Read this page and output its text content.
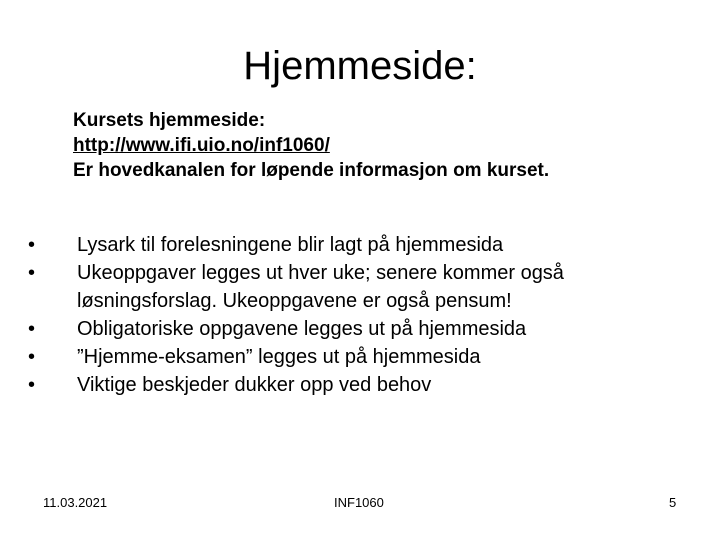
Hjemmeside:
Kursets hjemmeside:
http://www.ifi.uio.no/inf1060/
Er hovedkanalen for løpende informasjon om kurset.
•	Lysark til forelesningene blir lagt på hjemmesida
•	Ukeoppgaver legges ut hver uke; senere kommer også
løsningsforslag. Ukeoppgavene er også pensum!
•	Obligatoriske oppgavene legges ut på hjemmesida
•	”Hjemme-eksamen” legges ut på hjemmesida
•	Viktige beskjeder dukker opp ved behov
11.03.2021	INF1060	5
